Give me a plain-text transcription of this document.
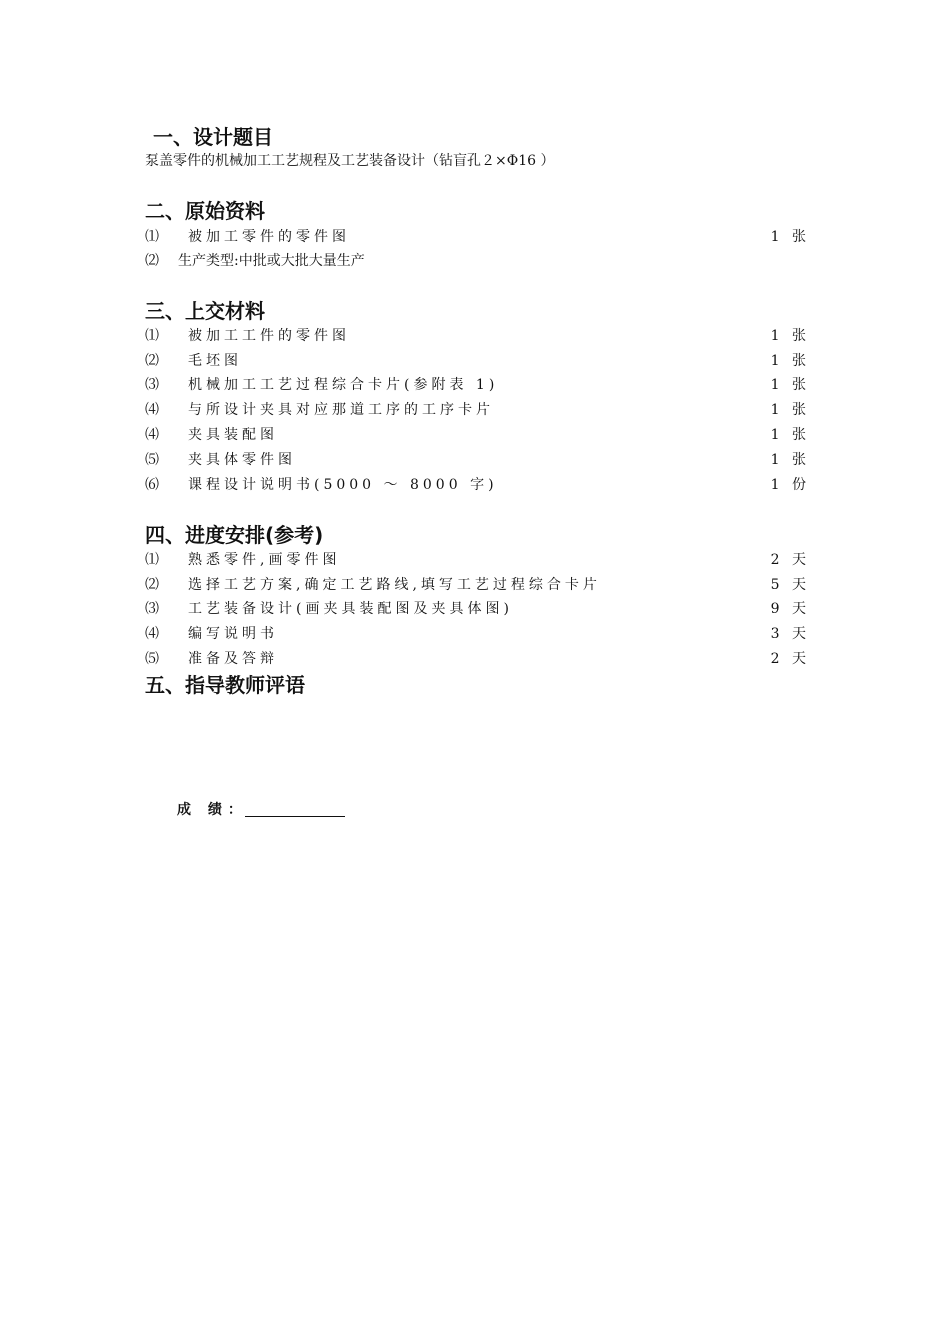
一、设计题目
泵盖零件的机械加工工艺规程及工艺装备设计（钻盲孔２×Φ16 ）
二、原始资料
⑴ 被加工零件的零件图	1 张
⑵ 生产类型:中批或大批大量生产
三、上交材料
⑴ 被加工工件的零件图	1 张
⑵ 毛坯图	1 张
⑶ 机械加工工艺过程综合卡片(参附表 1)	1 张
⑷ 与所设计夹具对应那道工序的工序卡片	1 张
⑷ 夹具装配图	1 张
⑸ 夹具体零件图	1 张
⑹ 课程设计说明书(5000 ～ 8000 字)	1 份
四、进度安排(参考)
⑴ 熟悉零件,画零件图	2 天
⑵ 选择工艺方案,确定工艺路线,填写工艺过程综合卡片	5 天
⑶ 工艺装备设计(画夹具装配图及夹具体图)	9 天
⑷ 编写说明书	3 天
⑸ 准备及答辩	2 天
五、指导教师评语
成 绩：
